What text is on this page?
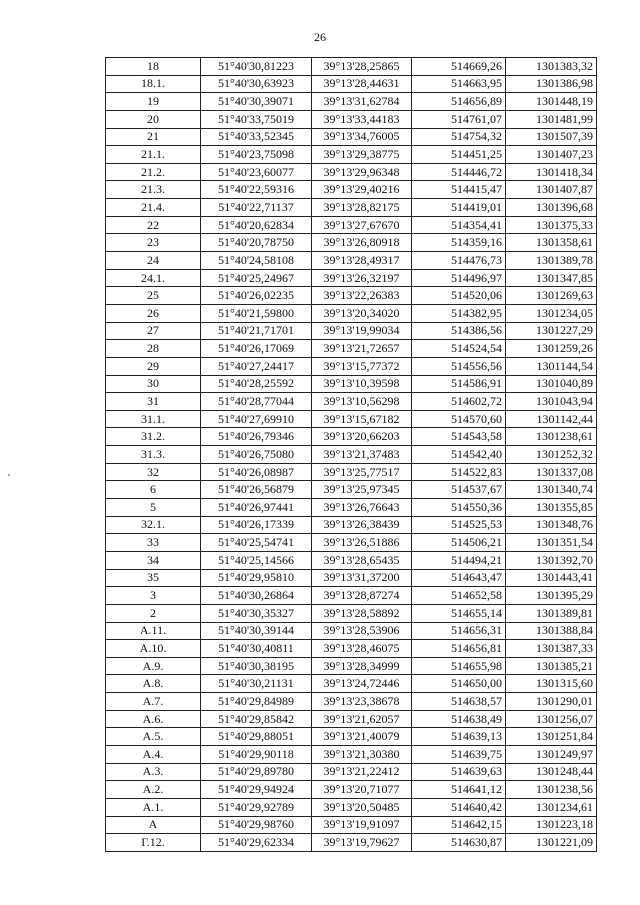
26
18	51°40'30,81223	39°13'28,25865	514669,26	1301383,32
18.1.	51°40'30,63923	39°13'28,44631	514663,95	1301386,98
19	51°40'30,39071	39°13'31,62784	514656,89	1301448,19
20	51°40'33,75019	39°13'33,44183	514761,07	1301481,99
21	51°40'33,52345	39°13'34,76005	514754,32	1301507,39
21.1.	51°40'23,75098	39°13'29,38775	514451,25	1301407,23
21.2.	51°40'23,60077	39°13'29,96348	514446,72	1301418,34
21.3.	51°40'22,59316	39°13'29,40216	514415,47	1301407,87
21.4.	51°40'22,71137	39°13'28,82175	514419,01	1301396,68
22	51°40'20,62834	39°13'27,67670	514354,41	1301375,33
23	51°40'20,78750	39°13'26,80918	514359,16	1301358,61
24	51°40'24,58108	39°13'28,49317	514476,73	1301389,78
24.1.	51°40'25,24967	39°13'26,32197	514496,97	1301347,85
25	51°40'26,02235	39°13'22,26383	514520,06	1301269,63
26	51°40'21,59800	39°13'20,34020	514382,95	1301234,05
27	51°40'21,71701	39°13'19,99034	514386,56	1301227,29
28	51°40'26,17069	39°13'21,72657	514524,54	1301259,26
29	51°40'27,24417	39°13'15,77372	514556,56	1301144,54
30	51°40'28,25592	39°13'10,39598	514586,91	1301040,89
31	51°40'28,77044	39°13'10,56298	514602,72	1301043,94
31.1.	51°40'27,69910	39°13'15,67182	514570,60	1301142,44
31.2.	51°40'26,79346	39°13'20,66203	514543,58	1301238,61
31.3.	51°40'26,75080	39°13'21,37483	514542,40	1301252,32
32	51°40'26,08987	39°13'25,77517	514522,83	1301337,08
6	51°40'26,56879	39°13'25,97345	514537,67	1301340,74
5	51°40'26,97441	39°13'26,76643	514550,36	1301355,85
32.1.	51°40'26,17339	39°13'26,38439	514525,53	1301348,76
33	51°40'25,54741	39°13'26,51886	514506,21	1301351,54
34	51°40'25,14566	39°13'28,65435	514494,21	1301392,70
35	51°40'29,95810	39°13'31,37200	514643,47	1301443,41
3	51°40'30,26864	39°13'28,87274	514652,58	1301395,29
2	51°40'30,35327	39°13'28,58892	514655,14	1301389,81
А.11.	51°40'30,39144	39°13'28,53906	514656,31	1301388,84
А.10.	51°40'30,40811	39°13'28,46075	514656,81	1301387,33
А.9.	51°40'30,38195	39°13'28,34999	514655,98	1301385,21
А.8.	51°40'30,21131	39°13'24,72446	514650,00	1301315,60
А.7.	51°40'29,84989	39°13'23,38678	514638,57	1301290,01
А.6.	51°40'29,85842	39°13'21,62057	514638,49	1301256,07
А.5.	51°40'29,88051	39°13'21,40079	514639,13	1301251,84
А.4.	51°40'29,90118	39°13'21,30380	514639,75	1301249,97
А.3.	51°40'29,89780	39°13'21,22412	514639,63	1301248,44
А.2.	51°40'29,94924	39°13'20,71077	514641,12	1301238,56
А.1.	51°40'29,92789	39°13'20,50485	514640,42	1301234,61
А	51°40'29,98760	39°13'19,91097	514642,15	1301223,18
Г.12.	51°40'29,62334	39°13'19,79627	514630,87	1301221,09
